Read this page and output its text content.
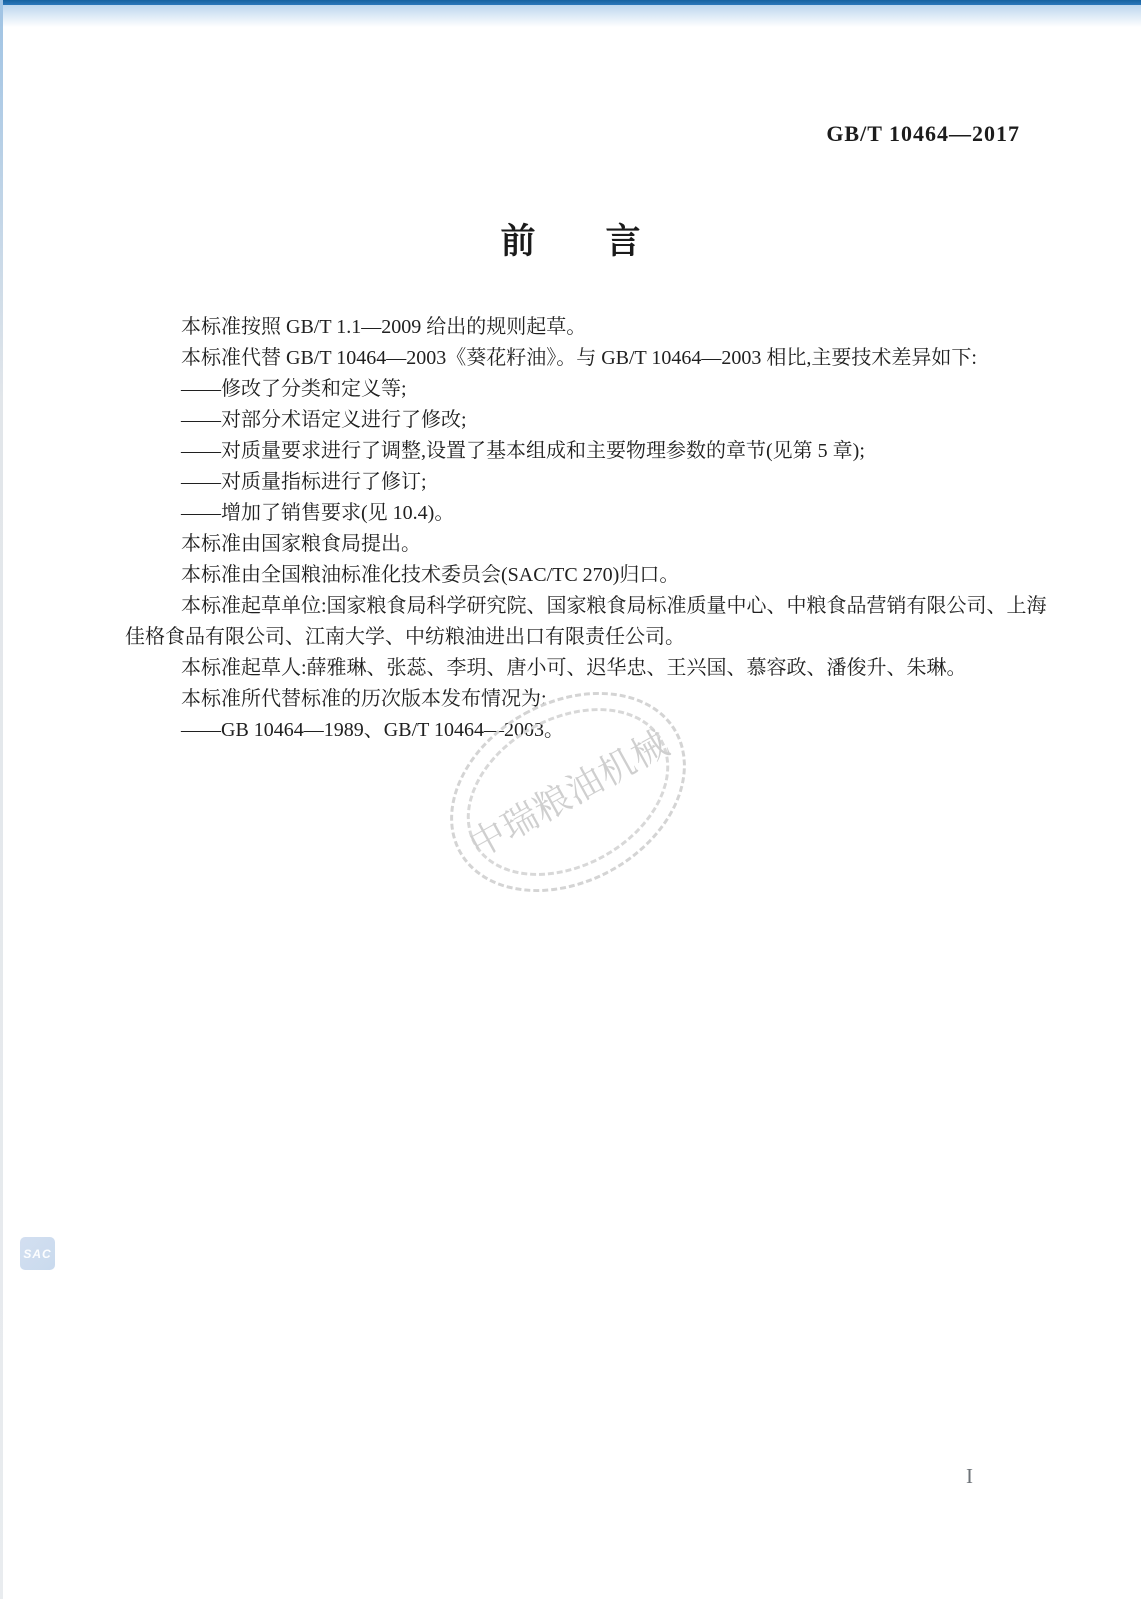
GB/T 10464—2017
前　　言

本标准按照 GB/T 1.1—2009 给出的规则起草。

本标准代替 GB/T 10464—2003《葵花籽油》。与 GB/T 10464—2003 相比,主要技术差异如下:

——修改了分类和定义等;

——对部分术语定义进行了修改;

——对质量要求进行了调整,设置了基本组成和主要物理参数的章节(见第 5 章);

——对质量指标进行了修订;

——增加了销售要求(见 10.4)。

本标准由国家粮食局提出。

本标准由全国粮油标准化技术委员会(SAC/TC 270)归口。

本标准起草单位:国家粮食局科学研究院、国家粮食局标准质量中心、中粮食品营销有限公司、上海

佳格食品有限公司、江南大学、中纺粮油进出口有限责任公司。

本标准起草人:薛雅琳、张蕊、李玥、唐小可、迟华忠、王兴国、慕容政、潘俊升、朱琳。

本标准所代替标准的历次版本发布情况为:

——GB 10464—1989、GB/T 10464—2003。

中瑞粮油机械
SAC
I
